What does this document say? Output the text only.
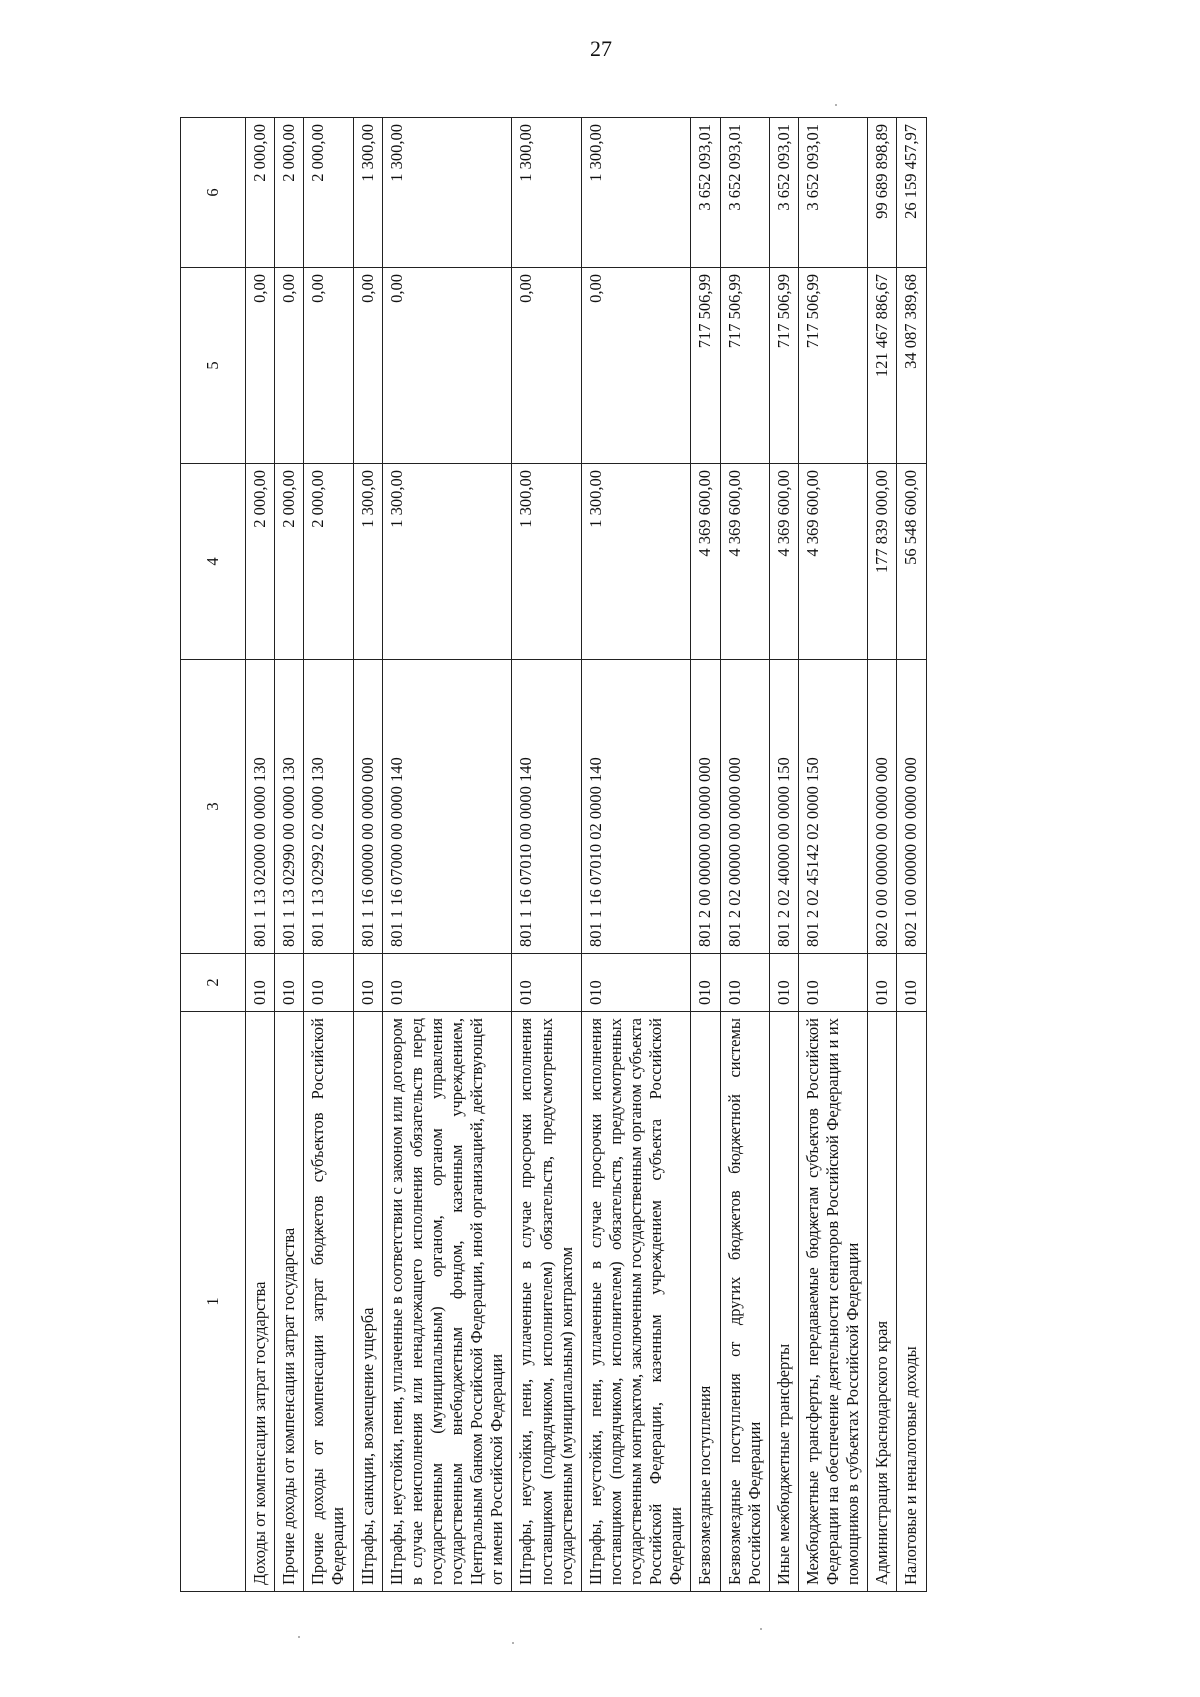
27
1	2	3	4	5	6
Доходы от компенсации затрат государства	010	801 1 13 02000 00 0000 130	2 000,00	0,00	2 000,00
Прочие доходы от компенсации затрат государства	010	801 1 13 02990 00 0000 130	2 000,00	0,00	2 000,00
Прочие доходы от компенсации затрат бюджетов субъектов Российской Федерации	010	801 1 13 02992 02 0000 130	2 000,00	0,00	2 000,00
Штрафы, санкции, возмещение ущерба	010	801 1 16 00000 00 0000 000	1 300,00	0,00	1 300,00
Штрафы, неустойки, пени, уплаченные в соответствии с законом или договором в случае неисполнения или ненадлежащего исполнения обязательств перед государственным (муниципальным) органом, органом управления государственным внебюджетным фондом, казенным учреждением, Центральным банком Российской Федерации, иной организацией, действующей от имени Российской Федерации	010	801 1 16 07000 00 0000 140	1 300,00	0,00	1 300,00
Штрафы, неустойки, пени, уплаченные в случае просрочки исполнения поставщиком (подрядчиком, исполнителем) обязательств, предусмотренных государственным (муниципальным) контрактом	010	801 1 16 07010 00 0000 140	1 300,00	0,00	1 300,00
Штрафы, неустойки, пени, уплаченные в случае просрочки исполнения поставщиком (подрядчиком, исполнителем) обязательств, предусмотренных государственным контрактом, заключенным государственным органом субъекта Российской Федерации, казенным учреждением субъекта Российской Федерации	010	801 1 16 07010 02 0000 140	1 300,00	0,00	1 300,00
Безвозмездные поступления	010	801 2 00 00000 00 0000 000	4 369 600,00	717 506,99	3 652 093,01
Безвозмездные поступления от других бюджетов бюджетной системы Российской Федерации	010	801 2 02 00000 00 0000 000	4 369 600,00	717 506,99	3 652 093,01
Иные межбюджетные трансферты	010	801 2 02 40000 00 0000 150	4 369 600,00	717 506,99	3 652 093,01
Межбюджетные трансферты, передаваемые бюджетам субъектов Российской Федерации на обеспечение деятельности сенаторов Российской Федерации и их помощников в субъектах Российской Федерации	010	801 2 02 45142 02 0000 150	4 369 600,00	717 506,99	3 652 093,01
Администрация Краснодарского края	010	802 0 00 00000 00 0000 000	177 839 000,00	121 467 886,67	99 689 898,89
Налоговые и неналоговые доходы	010	802 1 00 00000 00 0000 000	56 548 600,00	34 087 389,68	26 159 457,97
